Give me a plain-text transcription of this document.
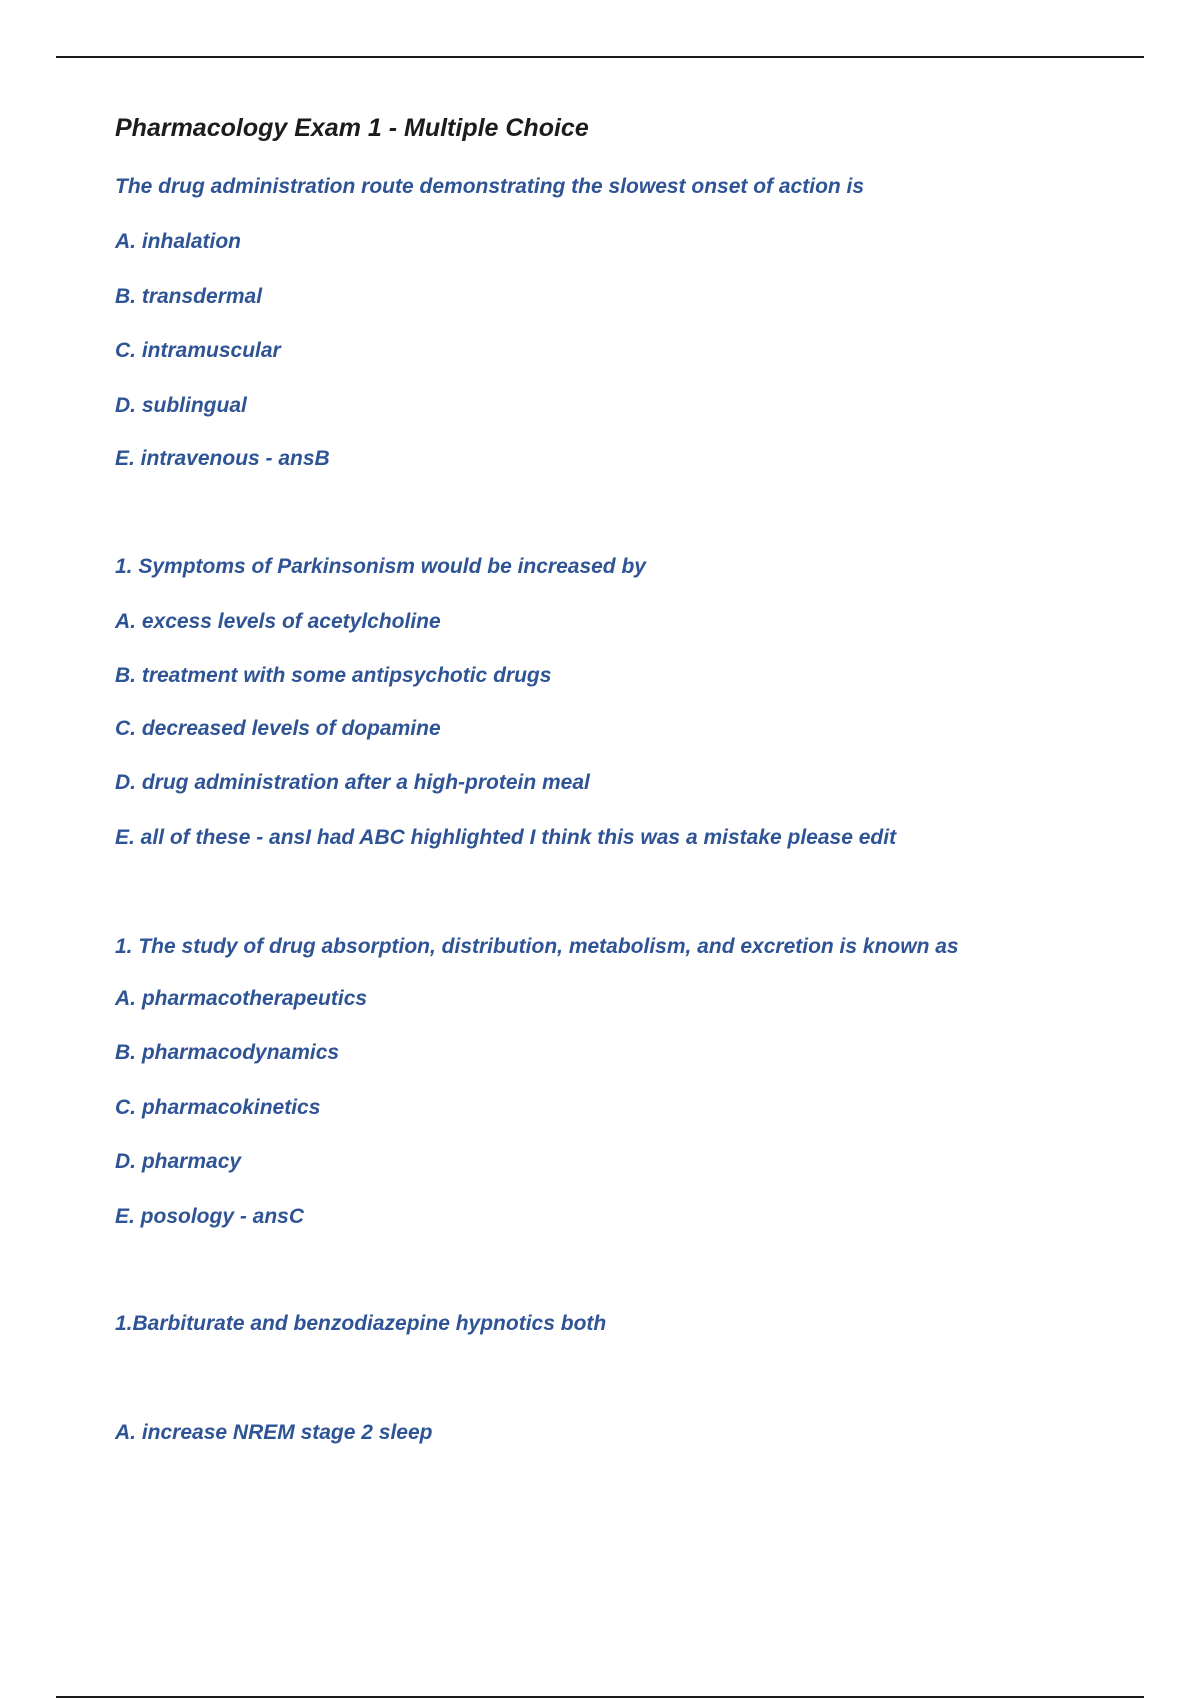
Pharmacology Exam 1 - Multiple Choice

The drug administration route demonstrating the slowest onset of action is

A. inhalation

B. transdermal

C. intramuscular

D. sublingual

E. intravenous - ansB

1. Symptoms of Parkinsonism would be increased by

A. excess levels of acetylcholine

B. treatment with some antipsychotic drugs

C. decreased levels of dopamine

D. drug administration after a high-protein meal

E. all of these - ansI had ABC highlighted I think this was a mistake please edit

1. The study of drug absorption, distribution, metabolism, and excretion is known as

A. pharmacotherapeutics

B. pharmacodynamics

C. pharmacokinetics

D. pharmacy

E. posology - ansC

1.Barbiturate and benzodiazepine hypnotics both

A. increase NREM stage 2 sleep
